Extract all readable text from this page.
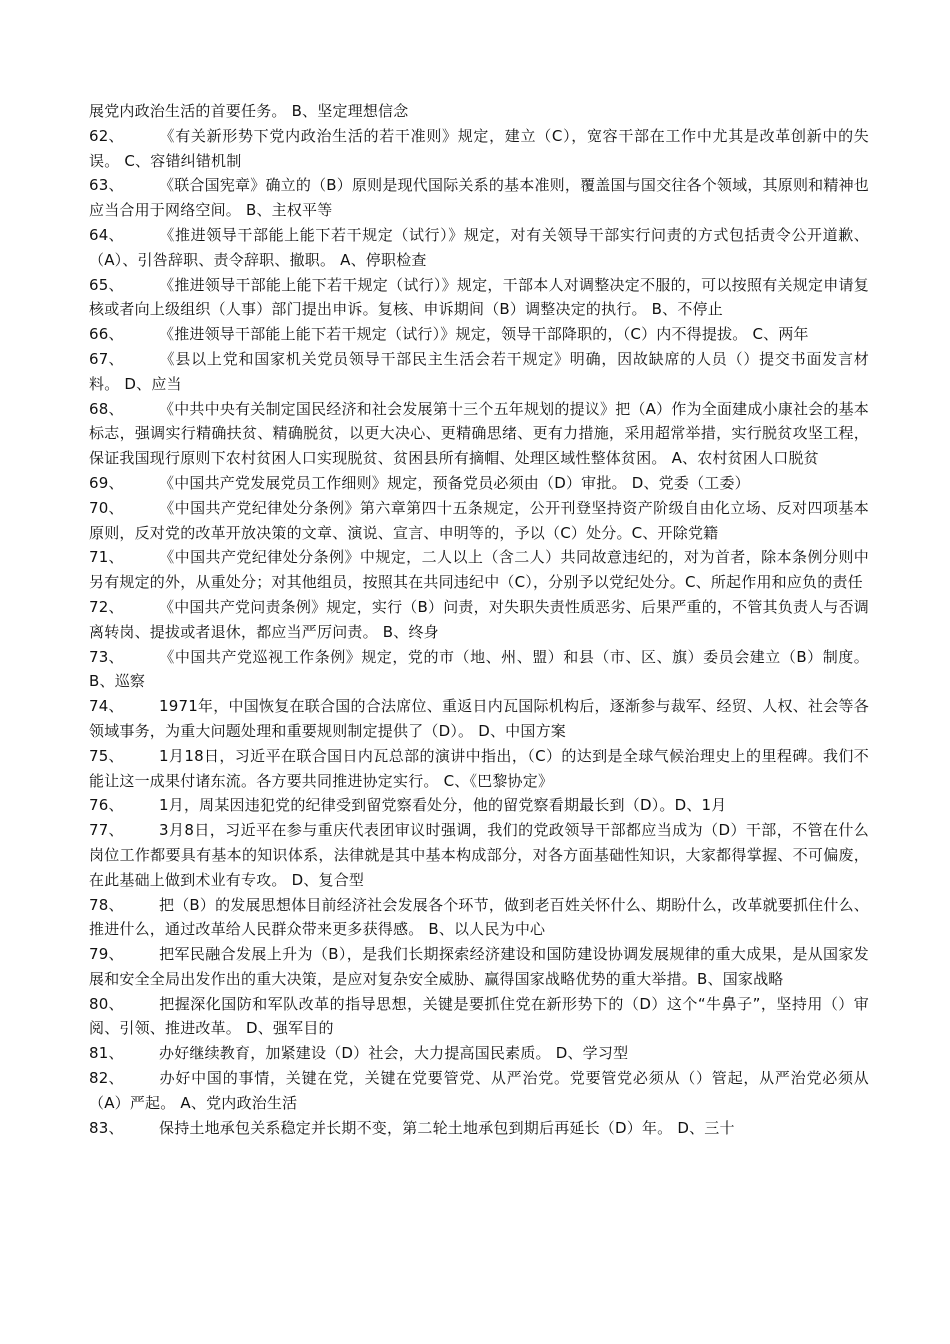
展党内政治生活的首要任务。 B、坚定理想信念

62、 《有关新形势下党内政治生活的若干准则》规定，建立（C），宽容干部在工作中尤其是改革创新中的失误。 C、容错纠错机制

63、 《联合国宪章》确立的（B）原则是现代国际关系的基本准则，覆盖国与国交往各个领域，其原则和精神也应当合用于网络空间。 B、主权平等

64、 《推进领导干部能上能下若干规定（试行）》规定，对有关领导干部实行问责的方式包括责令公开道歉、（A）、引咎辞职、责令辞职、撤职。 A、停职检查

65、 《推进领导干部能上能下若干规定（试行）》规定，干部本人对调整决定不服的，可以按照有关规定申请复核或者向上级组织（人事）部门提出申诉。复核、申诉期间（B）调整决定的执行。 B、不停止

66、 《推进领导干部能上能下若干规定（试行）》规定，领导干部降职的，（C）内不得提拔。 C、两年

67、 《县以上党和国家机关党员领导干部民主生活会若干规定》明确，因故缺席的人员（）提交书面发言材料。 D、应当

68、 《中共中央有关制定国民经济和社会发展第十三个五年规划的提议》把（A）作为全面建成小康社会的基本标志，强调实行精确扶贫、精确脱贫，以更大决心、更精确思绪、更有力措施，采用超常举措，实行脱贫攻坚工程，保证我国现行原则下农村贫困人口实现脱贫、贫困县所有摘帽、处理区域性整体贫困。 A、农村贫困人口脱贫

69、 《中国共产党发展党员工作细则》规定，预备党员必须由（D）审批。 D、党委（工委）

70、 《中国共产党纪律处分条例》第六章第四十五条规定，公开刊登坚持资产阶级自由化立场、反对四项基本原则，反对党的改革开放决策的文章、演说、宣言、申明等的，予以（C）处分。C、开除党籍

71、 《中国共产党纪律处分条例》中规定，二人以上（含二人）共同故意违纪的，对为首者，除本条例分则中另有规定的外，从重处分；对其他组员，按照其在共同违纪中（C），分别予以党纪处分。C、所起作用和应负的责任

72、 《中国共产党问责条例》规定，实行（B）问责，对失职失责性质恶劣、后果严重的，不管其负责人与否调离转岗、提拔或者退休，都应当严厉问责。 B、终身

73、 《中国共产党巡视工作条例》规定，党的市（地、州、盟）和县（市、区、旗）委员会建立（B）制度。 B、巡察

74、 1971年，中国恢复在联合国的合法席位、重返日内瓦国际机构后，逐渐参与裁军、经贸、人权、社会等各领域事务，为重大问题处理和重要规则制定提供了（D）。 D、中国方案

75、 1月18日，习近平在联合国日内瓦总部的演讲中指出，（C）的达到是全球气候治理史上的里程碑。我们不能让这一成果付诸东流。各方要共同推进协定实行。 C、《巴黎协定》

76、 1月，周某因违犯党的纪律受到留党察看处分，他的留党察看期最长到（D）。D、1月

77、 3月8日，习近平在参与重庆代表团审议时强调，我们的党政领导干部都应当成为（D）干部，不管在什么岗位工作都要具有基本的知识体系，法律就是其中基本构成部分，对各方面基础性知识，大家都得掌握、不可偏废，在此基础上做到术业有专攻。 D、复合型

78、 把（B）的发展思想体目前经济社会发展各个环节，做到老百姓关怀什么、期盼什么，改革就要抓住什么、推进什么，通过改革给人民群众带来更多获得感。 B、以人民为中心

79、 把军民融合发展上升为（B），是我们长期探索经济建设和国防建设协调发展规律的重大成果，是从国家发展和安全全局出发作出的重大决策，是应对复杂安全威胁、赢得国家战略优势的重大举措。B、国家战略

80、 把握深化国防和军队改革的指导思想，关键是要抓住党在新形势下的（D）这个“牛鼻子”，坚持用（）审阅、引领、推进改革。 D、强军目的

81、 办好继续教育，加紧建设（D）社会，大力提高国民素质。 D、学习型

82、 办好中国的事情，关键在党，关键在党要管党、从严治党。党要管党必须从（）管起，从严治党必须从（A）严起。 A、党内政治生活

83、 保持土地承包关系稳定并长期不变，第二轮土地承包到期后再延长（D）年。 D、三十
